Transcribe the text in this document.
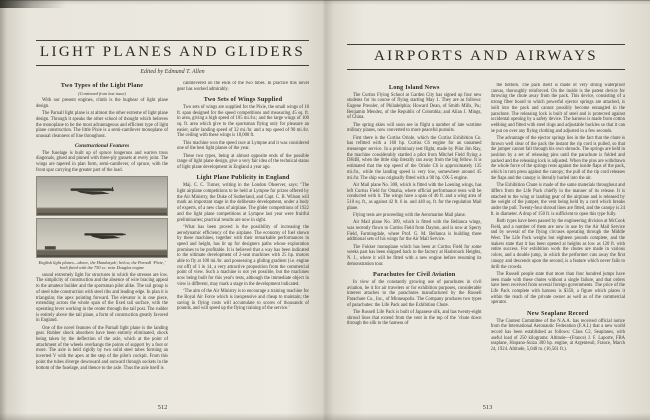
LIGHT PLANES AND GLIDERS
Edited by Edmund T. Allen
Two Types of the Light Plane
(Continued from last issue)

With our present engines, climb is the bugbear of light plane design.

The Parnall light plane is at almost the other extreme of light plane design. Through it speaks the other school of thought which believes the monoplane to be the most advantageous and efficient type of light plane construction. The little Pixie is a semi-cantilever monoplane of unusual cleanness of line throughout.

Constructional Features

The fuselage is built up of spruce longerons and warren truss diagonals, glued and pinned with three-ply gussets at every joint. The wings are tapered in plan form, semi-cantilever, of spruce, with the front spar carrying the greater part of the load.

English light planes—above, the Handasyde; below, the Parnall ‘Pixie,’ both fitted with the 750 cc. twin Douglas engine

sound extremely light for structures in which the stresses are low. The simplicity of construction and the absence of wire bracing appeal to the amateur builder and the sportsman pilot alike. The tail group is of steel tube construction with steel ribs and leading edge. In plan it is triangular, the apex pointing forward. The elevator is in one piece, extending across the whole span of the fixed tail surface, with the operating lever working in the center through the tail post. The rudder is entirely above the tail plane, a form of construction greatly favored in England.

One of the novel features of the Parnall light plane is the landing gear. Rubber shock absorbers have been entirely eliminated, shock being taken by the deflection of the axle, which at the point of attachment of the wheels overhangs the points of support by a foot or more. The axle is held rigidly by two solid steel tubes forming an inverted V with the apex at the step of the pilot's cockpit. From this point the tubes diverge downward and outward through sockets in the bottom of the fuselage, and thence to the axle. Thus the axle itself is

cantilevered on the ends of the two tubes. In practice this novel gear has worked admirably.

Two Sets of Wings Supplied

Two sets of wings are supplied for the Pixie, the small wings of 18 ft. span designed for the speed competitions and measuring 45 sq. ft. in area, giving a high speed of 105 mi./hr.; and the large wings of 100 sq. ft. area which give to the sportsman flying only for pleasure an easier, safer landing speed of 32 mi./hr. and a top speed of 90 mi./hr. The ceiling with these wings is 18,000 ft.

This machine won the speed race at Lympne and it was considered one of the best light planes of the year.

These two types, being at almost opposite ends of the possible range of light plane design, give a very fair idea of the technical status of light plane development in England a year ago.

Light Plane Publicity in England

Maj. C. C. Turner, writing in the London Observer, says: ‘The light airplane competitions to be held at Lympne for prizes offered by the Air Ministry, the Duke of Sutherland, and Capt. C. B. Wilson will mark an important stage in the deliberate development, under a body of experts, of a new class of airplane. The glider competitions of 1922 and the light plane competitions at Lympne last year were fruitful preliminaries; practical results are now in sight.

‘What has been proved is the possibility of increasing the aerodynamic efficiency of the airplane. The economy of fuel shown by these machines, together with their remarkable performances in speed and height, has lit up for designers paths whose exploration promises to be profitable. It is believed that a way has been indicated to the ultimate development of 2-seat machines with 25 hp. motors able to fly at 100 mi./hr. and possessing a gliding gradient (i.e. engine cut off) of 1 in 14, a very attractive proposition from the commercial point of view. Such a machine is not yet possible, but the machines now being built for this year's tests, although the immediate object in view is different, may mark a stage in the development indicated.

‘The aim of the Air Ministry is to encourage a training machine for the Royal Air Force which is inexpensive and cheap to maintain; the saving in flying costs will accumulate to scores of thousands of pounds, and will speed up the flying training of the service.’

512
AIRPORTS AND AIRWAYS
Long Island News

The Curtiss Flying School at Garden City has signed up four new students for its course of flying starting May 1. They are as follows: Eugene Pressler, of Philadelphia; Howard Dean, of Smith Mills, Pa.; Benjamin Mendez, of the Republic of Colombia; and Allan J. Mings, of China.

The spring skies will soon see in flight a number of late wartime military planes, now converted to more peaceful pursuits.

First there is the Curtiss Oriole, which the Curtiss Exhibition Co. has refitted with a 160 hp. Curtiss C6 engine for an unnamed messenger service. In a preliminary test flight, made by Pilot Jim Ray, the machine considerably startled a pilot from Mitchel Field flying a DH4B, when the little ship literally ran away from the big fellow. It is estimated that the top speed of the Oriole C6 is approximately 135 mi./hr., while the landing speed is very low, somewhere around 45 mi./hr. The ship was originally fitted with a 90 hp. OX-5 engine.

Air Mail plane No. 308, which is fitted with the Loening wings, has left Curtiss Field for Omaha, where official performance tests will be conducted with it. The wings have a span of 46 ft. and a wing area of 510 sq. ft., as against 42 ft. 6 in. and 440 sq. ft. for the regulation Mail plane.

Flying tests are proceeding with the Aeromarine Mail plane.

Air Mail plane No. 309, which is fitted with the Bellanca wings, was recently flown to Curtiss Field from Dayton, and is now at Sperry Field, Farmingdale, where Prof. G. M. Bellanca is building three additional sets of his wings for the Air Mail Service.

The Fokker monoplane which has been at Curtiss Field for some weeks past has been shipped back to the factory at Hasbrouck Heights, N. J., where it will be fitted with a new engine before resuming its demonstration tour.

Parachutes for Civil Aviation

In view of the constantly growing use of parachutes in civil aviation, be it for air travelers or for exhibition purposes, considerable interest attaches to the parachutes manufactured by the Russell Parachute Co., Inc., of Minneapolis. The Company produces two types of parachutes: the Life Pack and the Exhibition Chute.

The Russell Life Pack is built of Japanese silk, and has twenty-eight shroud lines that extend from the vent in the top of the ’chute down through the silk to the harness of

the bottom. The pack itself is made of very strong waterproof canvas, thoroughly reinforced. On the inside is the patent device for throwing the chute away from the pack. This device, consisting of a strong fiber board to which powerful ejector springs are attached, is built into the pack and cannot possibly become entangled in the parachute. The releasing lock is built of steel and is protected against accidental opening by a safety device. The harness is made from cotton webbing and fitted with steel rings and adjustable buckles so that it can be put on over any flying clothing and adjusted in a few seconds.

The advantage of the ejector springs lies in the fact that the chute is thrown well clear of the pack the instant the rip cord is pulled, so that the jumper cannot fall through his own shrouds. The springs are held in position by a set of releasing pins until the parachute is folded and packed and the releasing lock is adjusted. When the pins are withdrawn the whole force of the springs rests against the inside flaps of the pack, which in turn press against the canopy; the pull of the rip cord releases the flaps and the canopy is literally hurled into the air.

The Exhibition Chute is made of the same materials throughout and differs from the Life Pack chiefly in the manner of its release. It is attached to the wing or landing gear of the airplane and is released by the weight of the jumper, the vent being held by a cord which breaks under the pull. Twenty-four shroud lines are fitted, and the canopy is 24 ft. in diameter. A drop of 150 ft. is sufficient to open this type fully.

Both types have been passed by the engineering division at McCook Field, and a number of them are now in use by the Air Mail Service and by several of the flying circuses operating through the Middle West. The Life Pack weighs but eighteen pounds complete, and the makers state that it has been opened at heights as low as 120 ft. with entire success. For exhibition work the chutes are made in various colors, and a double jump, in which the performer cuts away the first canopy and descends upon the second, is a feature which never fails to thrill the crowds.

The Russell people state that more than four hundred jumps have been made with these chutes without a single failure, and that orders have been received from several foreign governments. The price of the Life Pack complete with harness is $350, a figure which places it within the reach of the private owner as well as of the commercial operator.

New Seaplane Record

The Contest Committee of the N.A.A. has received official notice from the International Aeronautic Federation (F.A.I.) that a new world record has been established as follows: Class C2, Seaplanes, with useful load of 250 kilograms: Altitude—(France) J. F. Laporte, FBA seaplane, Hispano-Suiza 300 hp. engine, at Argenteuil, France, March 24, 1924. Altitude, 5,048 m. (16,561 ft.).

513
